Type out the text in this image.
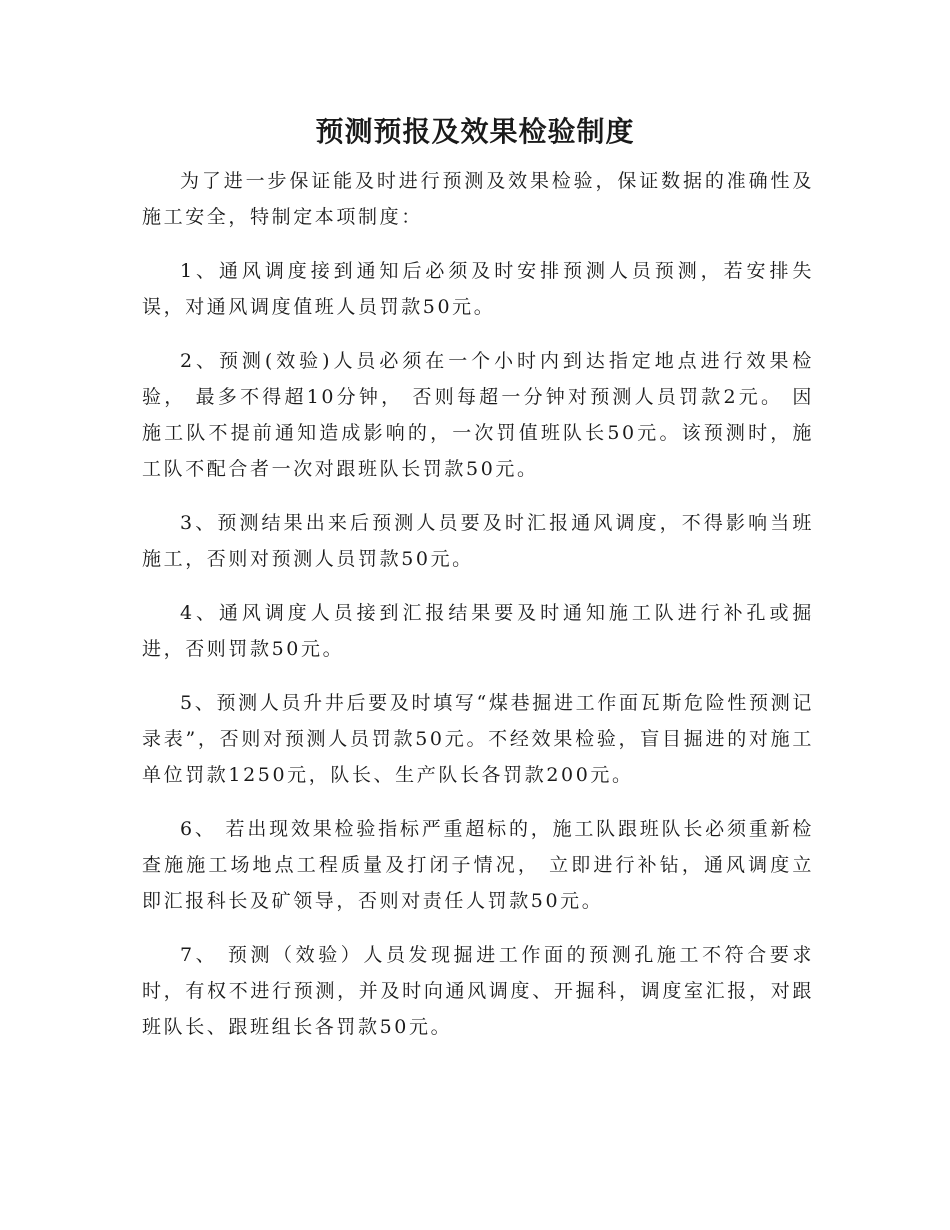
预测预报及效果检验制度

为了进一步保证能及时进行预测及效果检验，保证数据的准确性及施工安全，特制定本项制度：

1、通风调度接到通知后必须及时安排预测人员预测，若安排失误，对通风调度值班人员罚款50元。

2、预测(效验)人员必须在一个小时内到达指定地点进行效果检验， 最多不得超10分钟， 否则每超一分钟对预测人员罚款2元。 因施工队不提前通知造成影响的，一次罚值班队长50元。该预测时，施工队不配合者一次对跟班队长罚款50元。

3、预测结果出来后预测人员要及时汇报通风调度，不得影响当班施工，否则对预测人员罚款50元。

4、通风调度人员接到汇报结果要及时通知施工队进行补孔或掘进，否则罚款50元。

5、预测人员升井后要及时填写“煤巷掘进工作面瓦斯危险性预测记录表”，否则对预测人员罚款50元。不经效果检验，盲目掘进的对施工单位罚款1250元，队长、生产队长各罚款200元。

6、 若出现效果检验指标严重超标的，施工队跟班队长必须重新检查施施工场地点工程质量及打闭子情况， 立即进行补钻，通风调度立即汇报科长及矿领导，否则对责任人罚款50元。

7、 预测（效验）人员发现掘进工作面的预测孔施工不符合要求时，有权不进行预测，并及时向通风调度、开掘科，调度室汇报，对跟班队长、跟班组长各罚款50元。
